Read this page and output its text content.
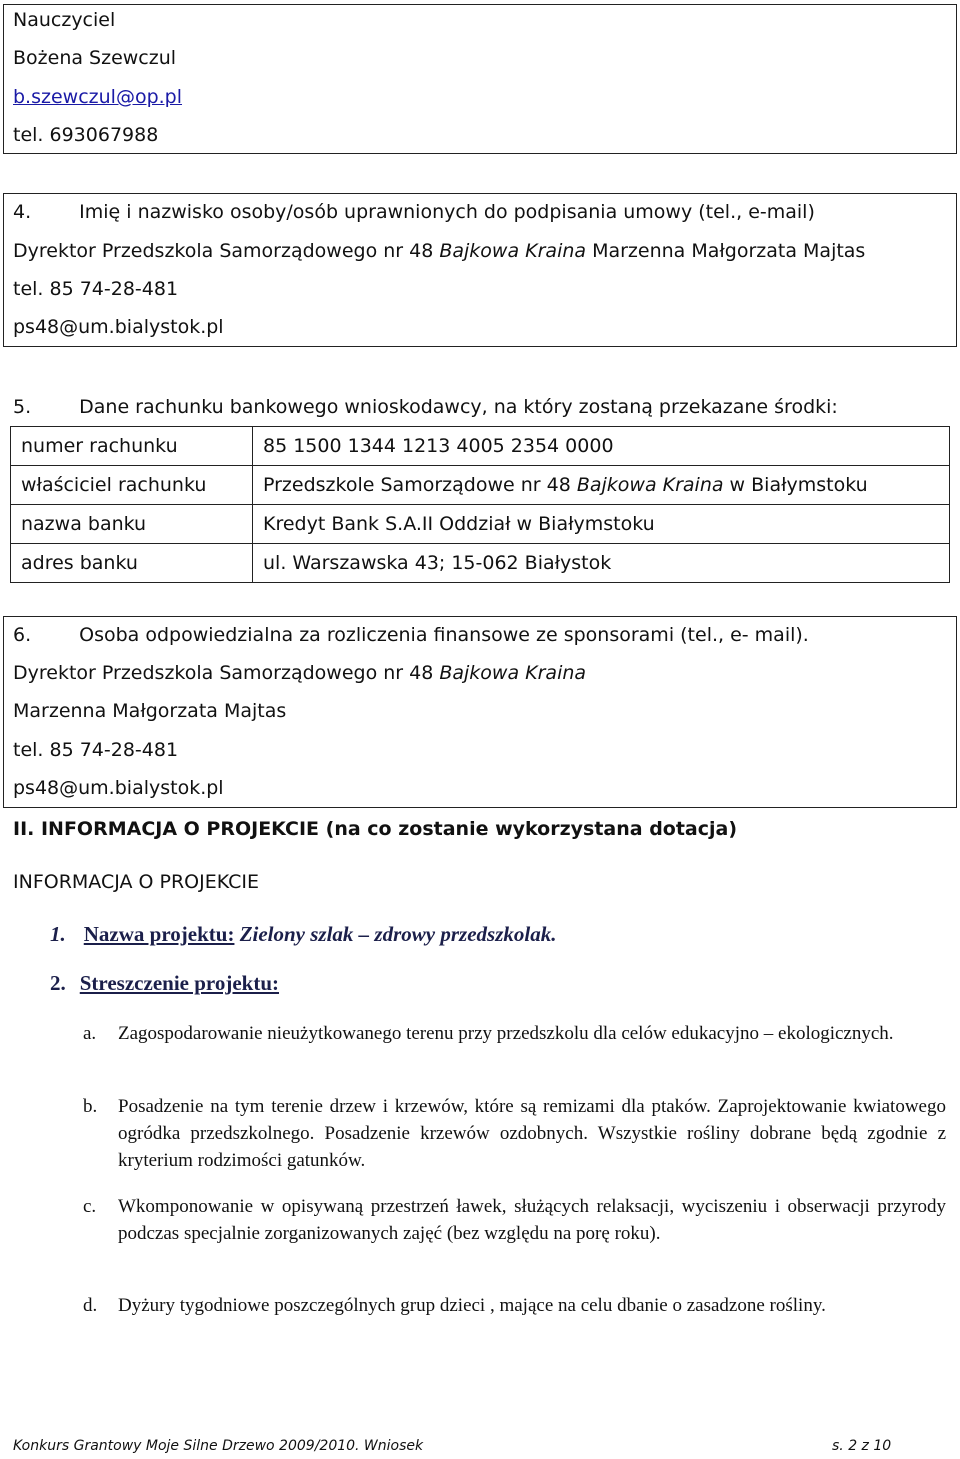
Nauczyciel
Bożena Szewczul
b.szewczul@op.pl
tel. 693067988
4.	Imię i nazwisko osoby/osób uprawnionych do podpisania umowy (tel., e-mail)
Dyrektor Przedszkola Samorządowego nr 48 Bajkowa Kraina Marzenna Małgorzata Majtas
tel. 85 74-28-481
ps48@um.bialystok.pl
5.	Dane rachunku bankowego wnioskodawcy, na który zostaną przekazane środki:
numer rachunku	85 1500 1344 1213 4005 2354 0000
właściciel rachunku	Przedszkole Samorządowe nr 48 Bajkowa Kraina w Białymstoku
nazwa banku	Kredyt Bank S.A.II Oddział w Białymstoku
adres banku	ul. Warszawska 43; 15-062 Białystok
6.	Osoba odpowiedzialna za rozliczenia finansowe ze sponsorami (tel., e- mail).
Dyrektor Przedszkola Samorządowego nr 48 Bajkowa Kraina
Marzenna Małgorzata Majtas
tel. 85 74-28-481
ps48@um.bialystok.pl
II. INFORMACJA O PROJEKCIE (na co zostanie wykorzystana dotacja)
INFORMACJA O PROJEKCIE
1. Nazwa projektu: Zielony szlak – zdrowy przedszkolak.
2. Streszczenie projektu:
a. Zagospodarowanie nieużytkowanego terenu przy przedszkolu dla celów edukacyjno – ekologicznych.
b. Posadzenie na tym terenie drzew i krzewów, które są remizami dla ptaków. Zaprojektowanie kwiatowego ogródka przedszkolnego. Posadzenie krzewów ozdobnych. Wszystkie rośliny dobrane będą zgodnie z kryterium rodzimości gatunków.
c. Wkomponowanie w opisywaną przestrzeń ławek, służących relaksacji, wyciszeniu i obserwacji przyrody podczas specjalnie zorganizowanych zajęć (bez względu na porę roku).
d. Dyżury tygodniowe poszczególnych grup dzieci , mające na celu dbanie o zasadzone rośliny.
Konkurs Grantowy Moje Silne Drzewo 2009/2010. Wniosek	s. 2 z 10
